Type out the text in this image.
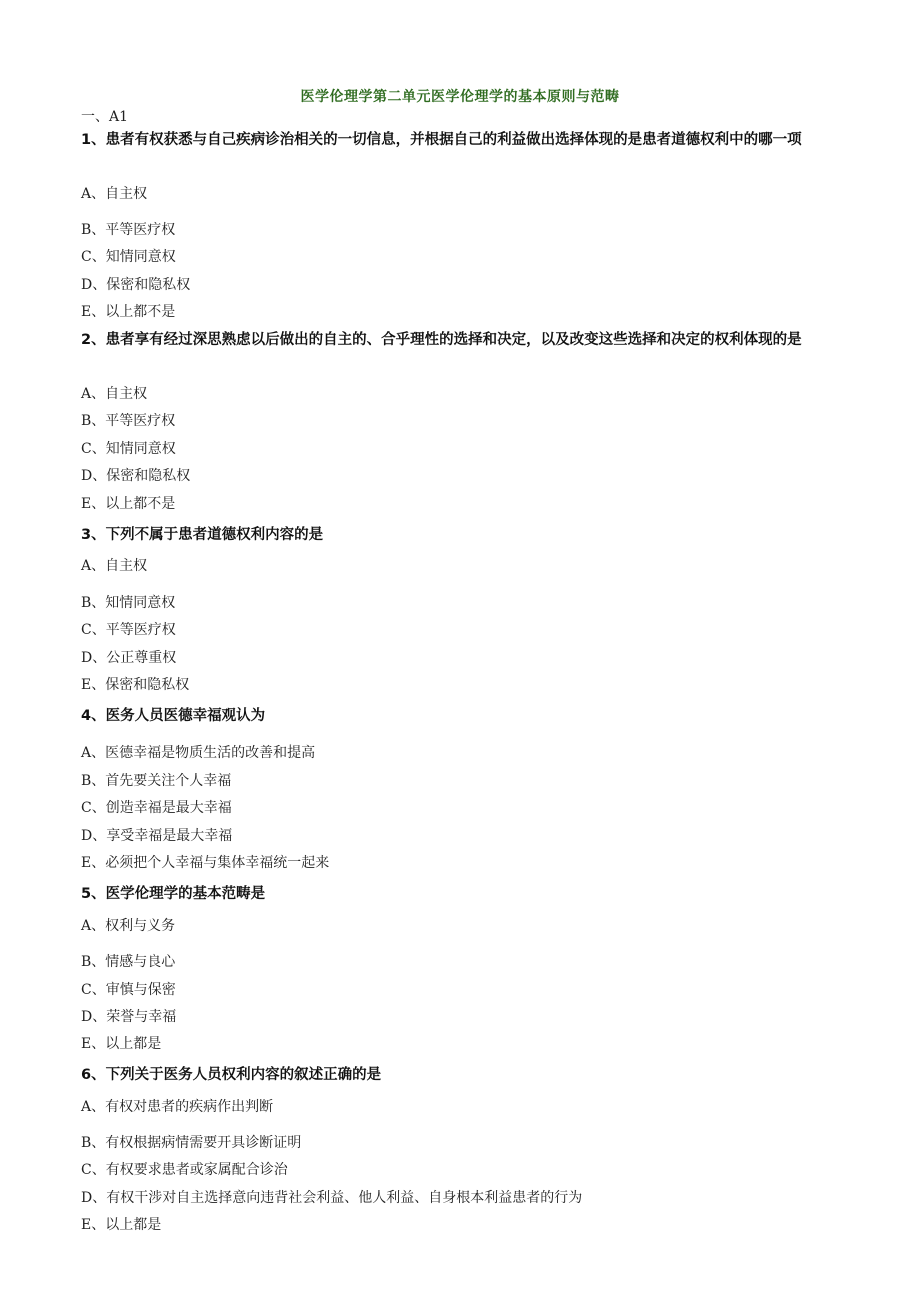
医学伦理学第二单元医学伦理学的基本原则与范畴
一、A1
1、患者有权获悉与自己疾病诊治相关的一切信息，并根据自己的利益做出选择体现的是患者道德权利中的哪一项
A、自主权
B、平等医疗权
C、知情同意权
D、保密和隐私权
E、以上都不是
2、患者享有经过深思熟虑以后做出的自主的、合乎理性的选择和决定，以及改变这些选择和决定的权利体现的是
A、自主权
B、平等医疗权
C、知情同意权
D、保密和隐私权
E、以上都不是
3、下列不属于患者道德权利内容的是
A、自主权
B、知情同意权
C、平等医疗权
D、公正尊重权
E、保密和隐私权
4、医务人员医德幸福观认为
A、医德幸福是物质生活的改善和提高
B、首先要关注个人幸福
C、创造幸福是最大幸福
D、享受幸福是最大幸福
E、必须把个人幸福与集体幸福统一起来
5、医学伦理学的基本范畴是
A、权利与义务
B、情感与良心
C、审慎与保密
D、荣誉与幸福
E、以上都是
6、下列关于医务人员权利内容的叙述正确的是
A、有权对患者的疾病作出判断
B、有权根据病情需要开具诊断证明
C、有权要求患者或家属配合诊治
D、有权干涉对自主选择意向违背社会利益、他人利益、自身根本利益患者的行为
E、以上都是
